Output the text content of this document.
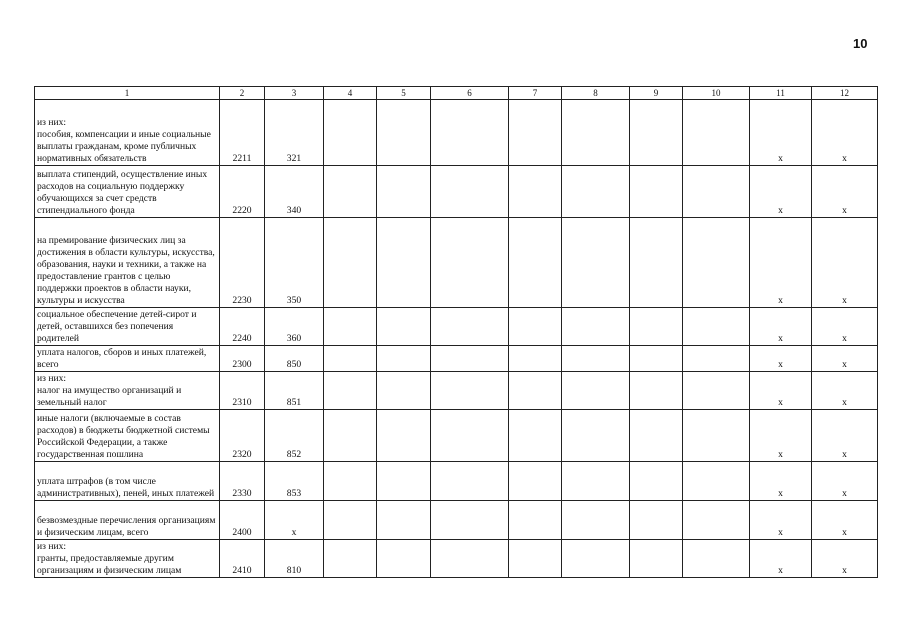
10
1	2	3	4	5	6	7	8	9	10	11	12
из них:
пособия, компенсации и иные социальные выплаты гражданам, кроме публичных нормативных обязательств	2211	321								x	x
выплата стипендий, осуществление иных расходов на социальную поддержку обучающихся за счет средств стипендиального фонда	2220	340								x	x
на премирование физических лиц за достижения в области культуры, искусства, образования, науки и техники, а также на предоставление грантов с целью поддержки проектов в области науки, культуры и искусства	2230	350								x	x
социальное обеспечение детей-сирот и детей, оставшихся без попечения родителей	2240	360								x	x
уплата налогов, сборов и иных платежей, всего	2300	850								x	x
из них:
налог на имущество организаций и земельный налог	2310	851								x	x
иные налоги (включаемые в состав расходов) в бюджеты бюджетной системы Российской Федерации, а также государственная пошлина	2320	852								x	x
уплата штрафов (в том числе административных), пеней, иных платежей	2330	853								x	x
безвозмездные перечисления организациям и физическим лицам, всего	2400	x								x	x
из них:
гранты, предоставляемые другим организациям и физическим лицам	2410	810								x	x
